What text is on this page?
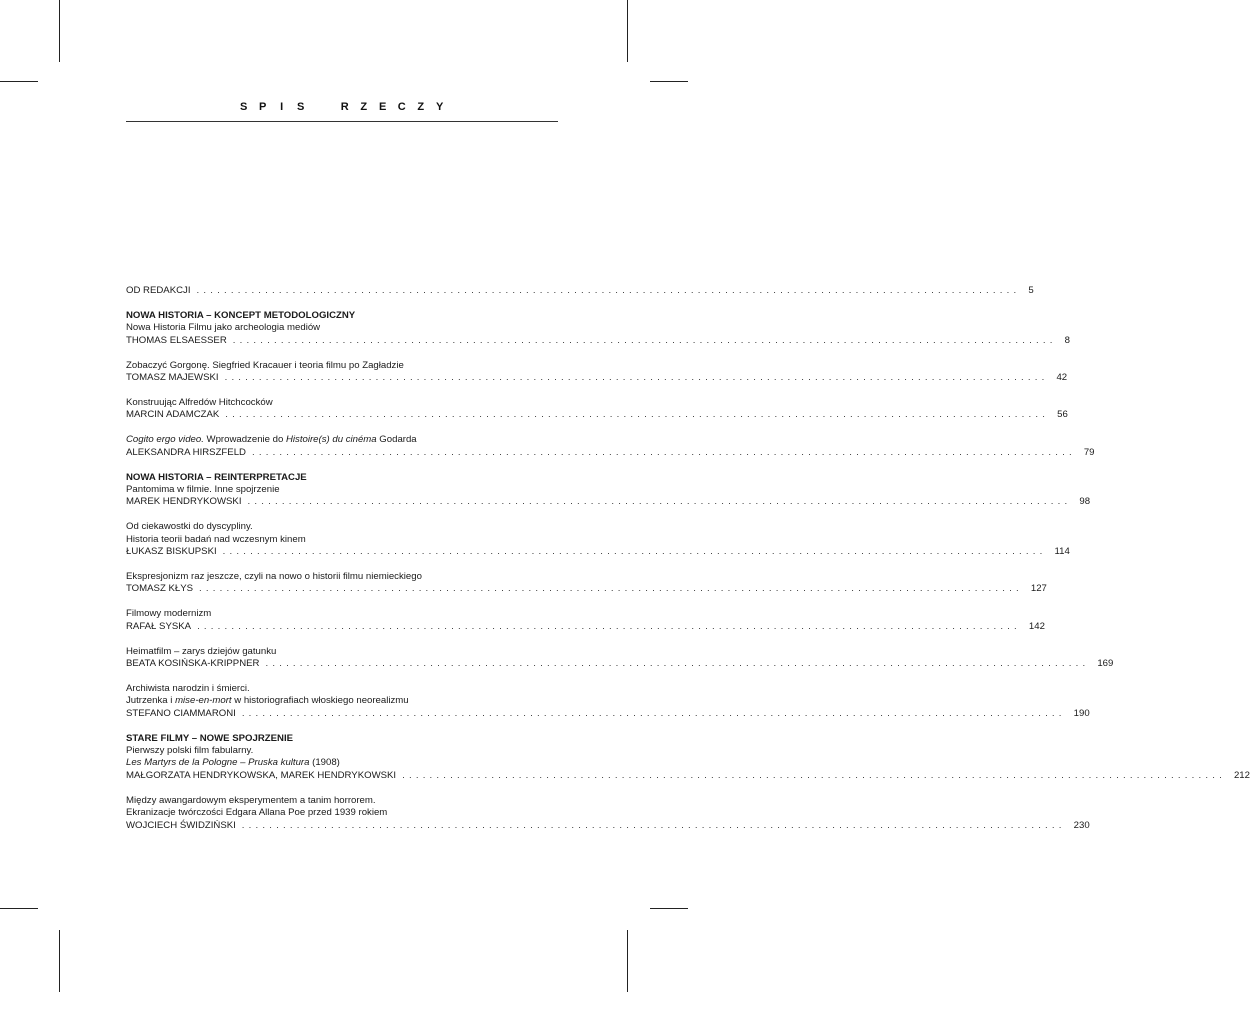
S P I S	R Z E C Z Y
OD REDAKCJI ........................................................................................................................ 5
NOWA HISTORIA – KONCEPT METODOLOGICZNY
Nowa Historia Filmu jako archeologia mediów
THOMAS ELSAESSER ........................................................................................................................ 8
Zobaczyć Gorgonę. Siegfried Kracauer i teoria filmu po Zagładzie
TOMASZ MAJEWSKI ........................................................................................................................ 42
Konstruując Alfredów Hitchcocków
MARCIN ADAMCZAK ........................................................................................................................ 56
Cogito ergo video. Wprowadzenie do Histoire(s) du cinéma Godarda
ALEKSANDRA HIRSZFELD ........................................................................................................................ 79
NOWA HISTORIA – REINTERPRETACJE
Pantomima w filmie. Inne spojrzenie
MAREK HENDRYKOWSKI ........................................................................................................................ 98
Od ciekawostki do dyscypliny.
Historia teorii badań nad wczesnym kinem
ŁUKASZ BISKUPSKI ........................................................................................................................ 114
Ekspresjonizm raz jeszcze, czyli na nowo o historii filmu niemieckiego
TOMASZ KŁYS ........................................................................................................................ 127
Filmowy modernizm
RAFAŁ SYSKA ........................................................................................................................ 142
Heimatfilm – zarys dziejów gatunku
BEATA KOSIŃSKA-KRIPPNER ........................................................................................................................ 169
Archiwista narodzin i śmierci.
Jutrzenka i mise-en-mort w historiografiach włoskiego neorealizmu
STEFANO CIAMMARONI ........................................................................................................................ 190
STARE FILMY – NOWE SPOJRZENIE
Pierwszy polski film fabularny.
Les Martyrs de la Pologne – Pruska kultura (1908)
MAŁGORZATA HENDRYKOWSKA, MAREK HENDRYKOWSKI ........................................................................................................................ 212
Między awangardowym eksperymentem a tanim horrorem.
Ekranizacje twórczości Edgara Allana Poe przed 1939 rokiem
WOJCIECH ŚWIDZIŃSKI ........................................................................................................................ 230
